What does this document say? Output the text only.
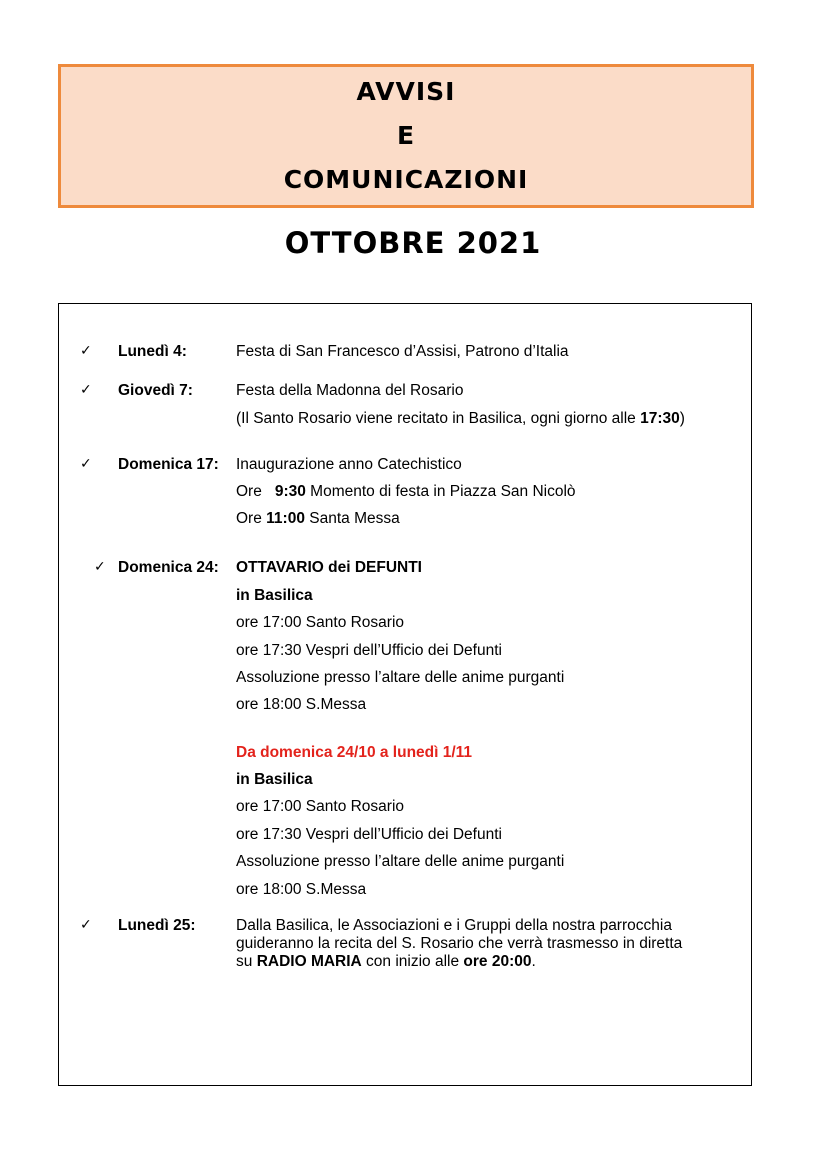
AVVISI
E
COMUNICAZIONI
OTTOBRE 2021
✓ Lunedì 4:	Festa di San Francesco d’Assisi, Patrono d’Italia
✓ Giovedì 7:	Festa della Madonna del Rosario
(Il Santo Rosario viene recitato in Basilica, ogni giorno alle 17:30)
✓ Domenica 17: Inaugurazione anno Catechistico
Ore 9:30 Momento di festa in Piazza San Nicolò
Ore 11:00 Santa Messa
✓ Domenica 24: OTTAVARIO dei DEFUNTI
in Basilica
ore 17:00 Santo Rosario
ore 17:30 Vespri dell’Ufficio dei Defunti
Assoluzione presso l’altare delle anime purganti
ore 18:00 S.Messa
Da domenica 24/10 a lunedì 1/11
in Basilica
ore 17:00 Santo Rosario
ore 17:30 Vespri dell’Ufficio dei Defunti
Assoluzione presso l’altare delle anime purganti
ore 18:00 S.Messa
✓ Lunedì 25:	Dalla Basilica, le Associazioni e i Gruppi della nostra parrocchia
guideranno la recita del S. Rosario che verrà trasmesso in diretta
su RADIO MARIA con inizio alle ore 20:00.
